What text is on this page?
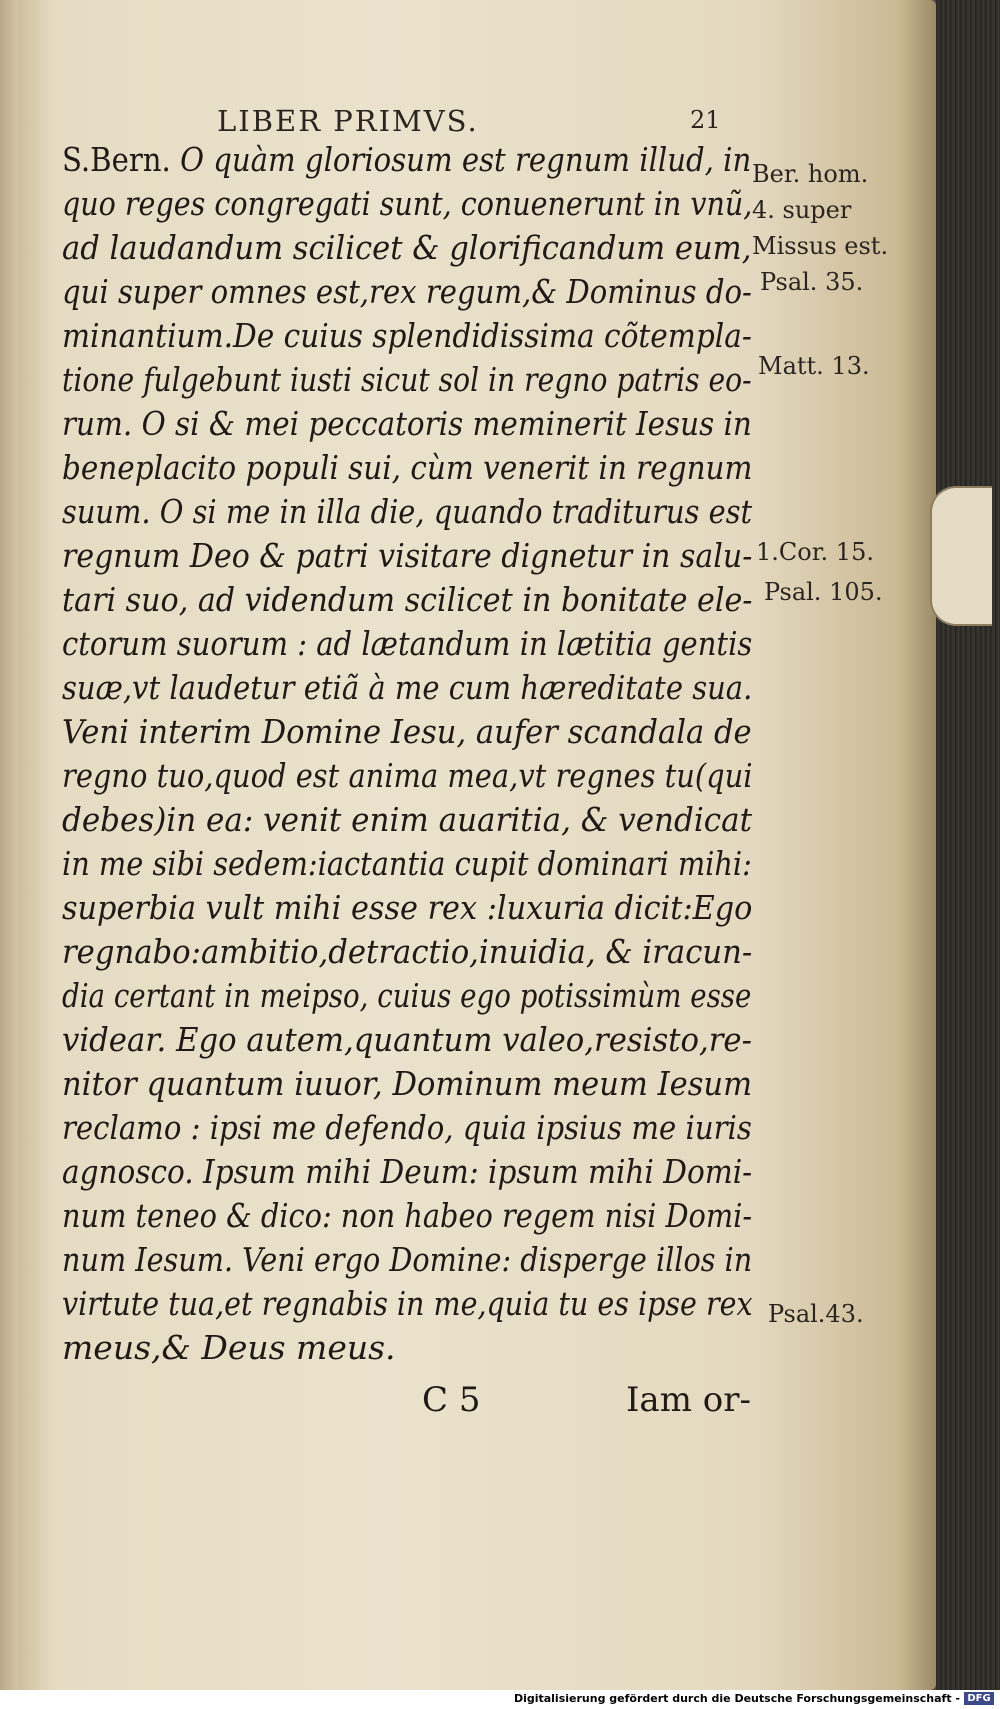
LIBER PRIMVS.	21
S.Bern. O quàm gloriosum est regnum illud, in
quo reges congregati sunt, conuenerunt in vnũ,
ad laudandum scilicet & glorificandum eum,
qui super omnes est,rex regum,& Dominus do-
minantium.De cuius splendidissima cõtempla-
tione fulgebunt iusti sicut sol in regno patris eo-
rum. O si & mei peccatoris meminerit Iesus in
beneplacito populi sui, cùm venerit in regnum
suum. O si me in illa die, quando traditurus est
regnum Deo & patri visitare dignetur in salu-
tari suo, ad videndum scilicet in bonitate ele-
ctorum suorum : ad lætandum in lætitia gentis
suæ,vt laudetur etiã à me cum hæreditate sua.
Veni interim Domine Iesu, aufer scandala de
regno tuo,quod est anima mea,vt regnes tu(qui
debes)in ea: venit enim auaritia, & vendicat
in me sibi sedem:iactantia cupit dominari mihi:
superbia vult mihi esse rex :luxuria dicit:Ego
regnabo:ambitio,detractio,inuidia, & iracun-
dia certant in meipso, cuius ego potissimùm esse
videar. Ego autem,quantum valeo,resisto,re-
nitor quantum iuuor, Dominum meum Iesum
reclamo : ipsi me defendo, quia ipsius me iuris
agnosco. Ipsum mihi Deum: ipsum mihi Domi-
num teneo & dico: non habeo regem nisi Domi-
num Iesum. Veni ergo Domine: disperge illos in
virtute tua,et regnabis in me,quia tu es ipse rex
meus,& Deus meus.
Ber. hom.
4. super
Missus est.
Psal. 35.
Matt. 13.
1.Cor. 15.
Psal. 105.
Psal.43.
C 5	Iam or-
Digitalisierung gefördert durch die Deutsche Forschungsgemeinschaft - DFG
